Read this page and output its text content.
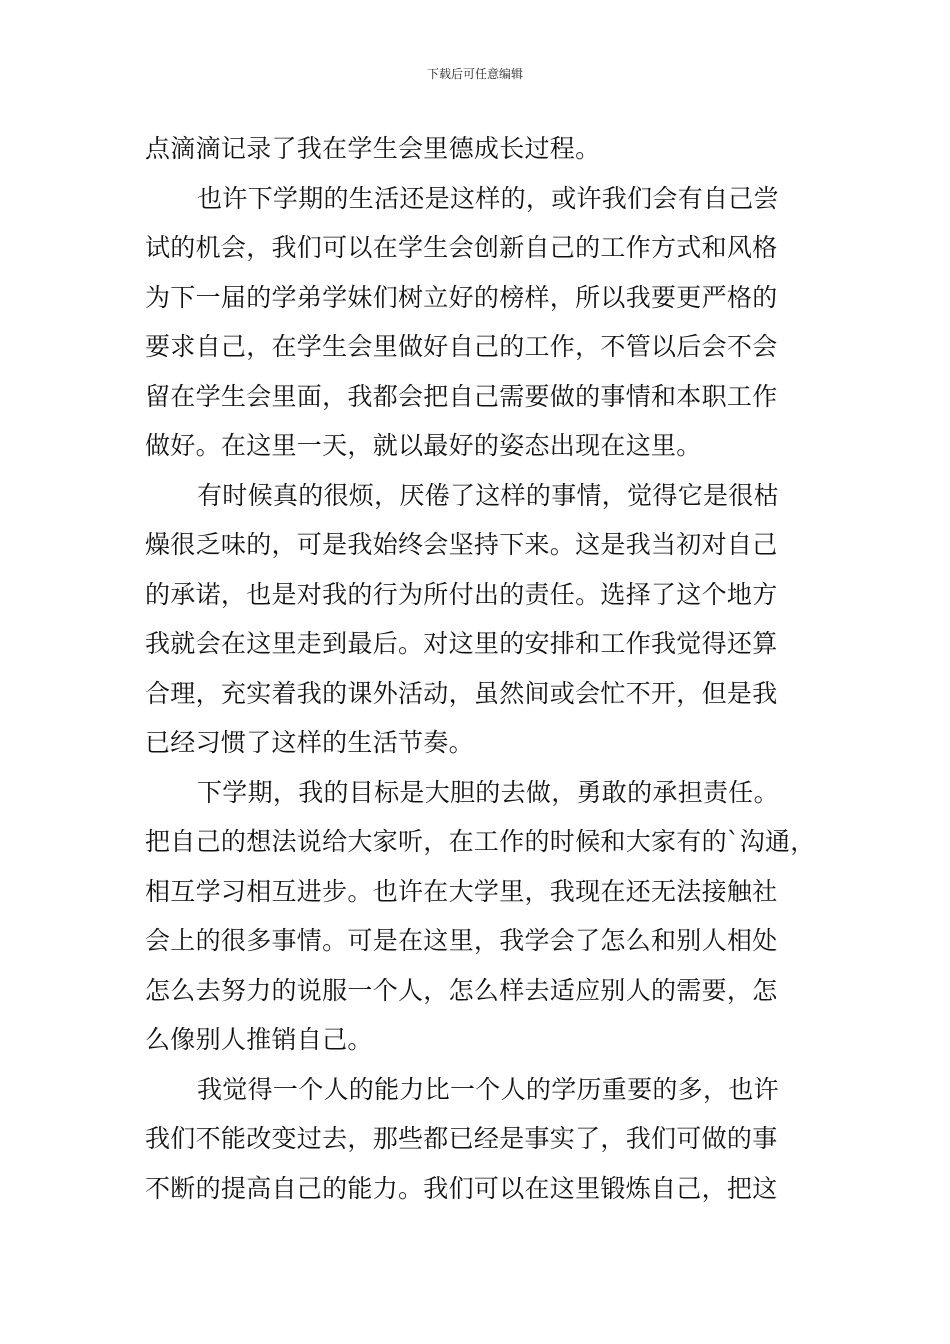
下载后可任意编辑
点滴滴记录了我在学生会里德成长过程。
也许下学期的生活还是这样的，或许我们会有自己尝
试的机会，我们可以在学生会创新自己的工作方式和风格
为下一届的学弟学妹们树立好的榜样，所以我要更严格的
要求自己，在学生会里做好自己的工作，不管以后会不会
留在学生会里面，我都会把自己需要做的事情和本职工作
做好。在这里一天，就以最好的姿态出现在这里。
有时候真的很烦，厌倦了这样的事情，觉得它是很枯
燥很乏味的，可是我始终会坚持下来。这是我当初对自己
的承诺，也是对我的行为所付出的责任。选择了这个地方
我就会在这里走到最后。对这里的安排和工作我觉得还算
合理，充实着我的课外活动，虽然间或会忙不开，但是我
已经习惯了这样的生活节奏。
下学期，我的目标是大胆的去做，勇敢的承担责任。
把自己的想法说给大家听，在工作的时候和大家有的`沟通，
相互学习相互进步。也许在大学里，我现在还无法接触社
会上的很多事情。可是在这里，我学会了怎么和别人相处
怎么去努力的说服一个人，怎么样去适应别人的需要，怎
么像别人推销自己。
我觉得一个人的能力比一个人的学历重要的多，也许
我们不能改变过去，那些都已经是事实了，我们可做的事
不断的提高自己的能力。我们可以在这里锻炼自己，把这
